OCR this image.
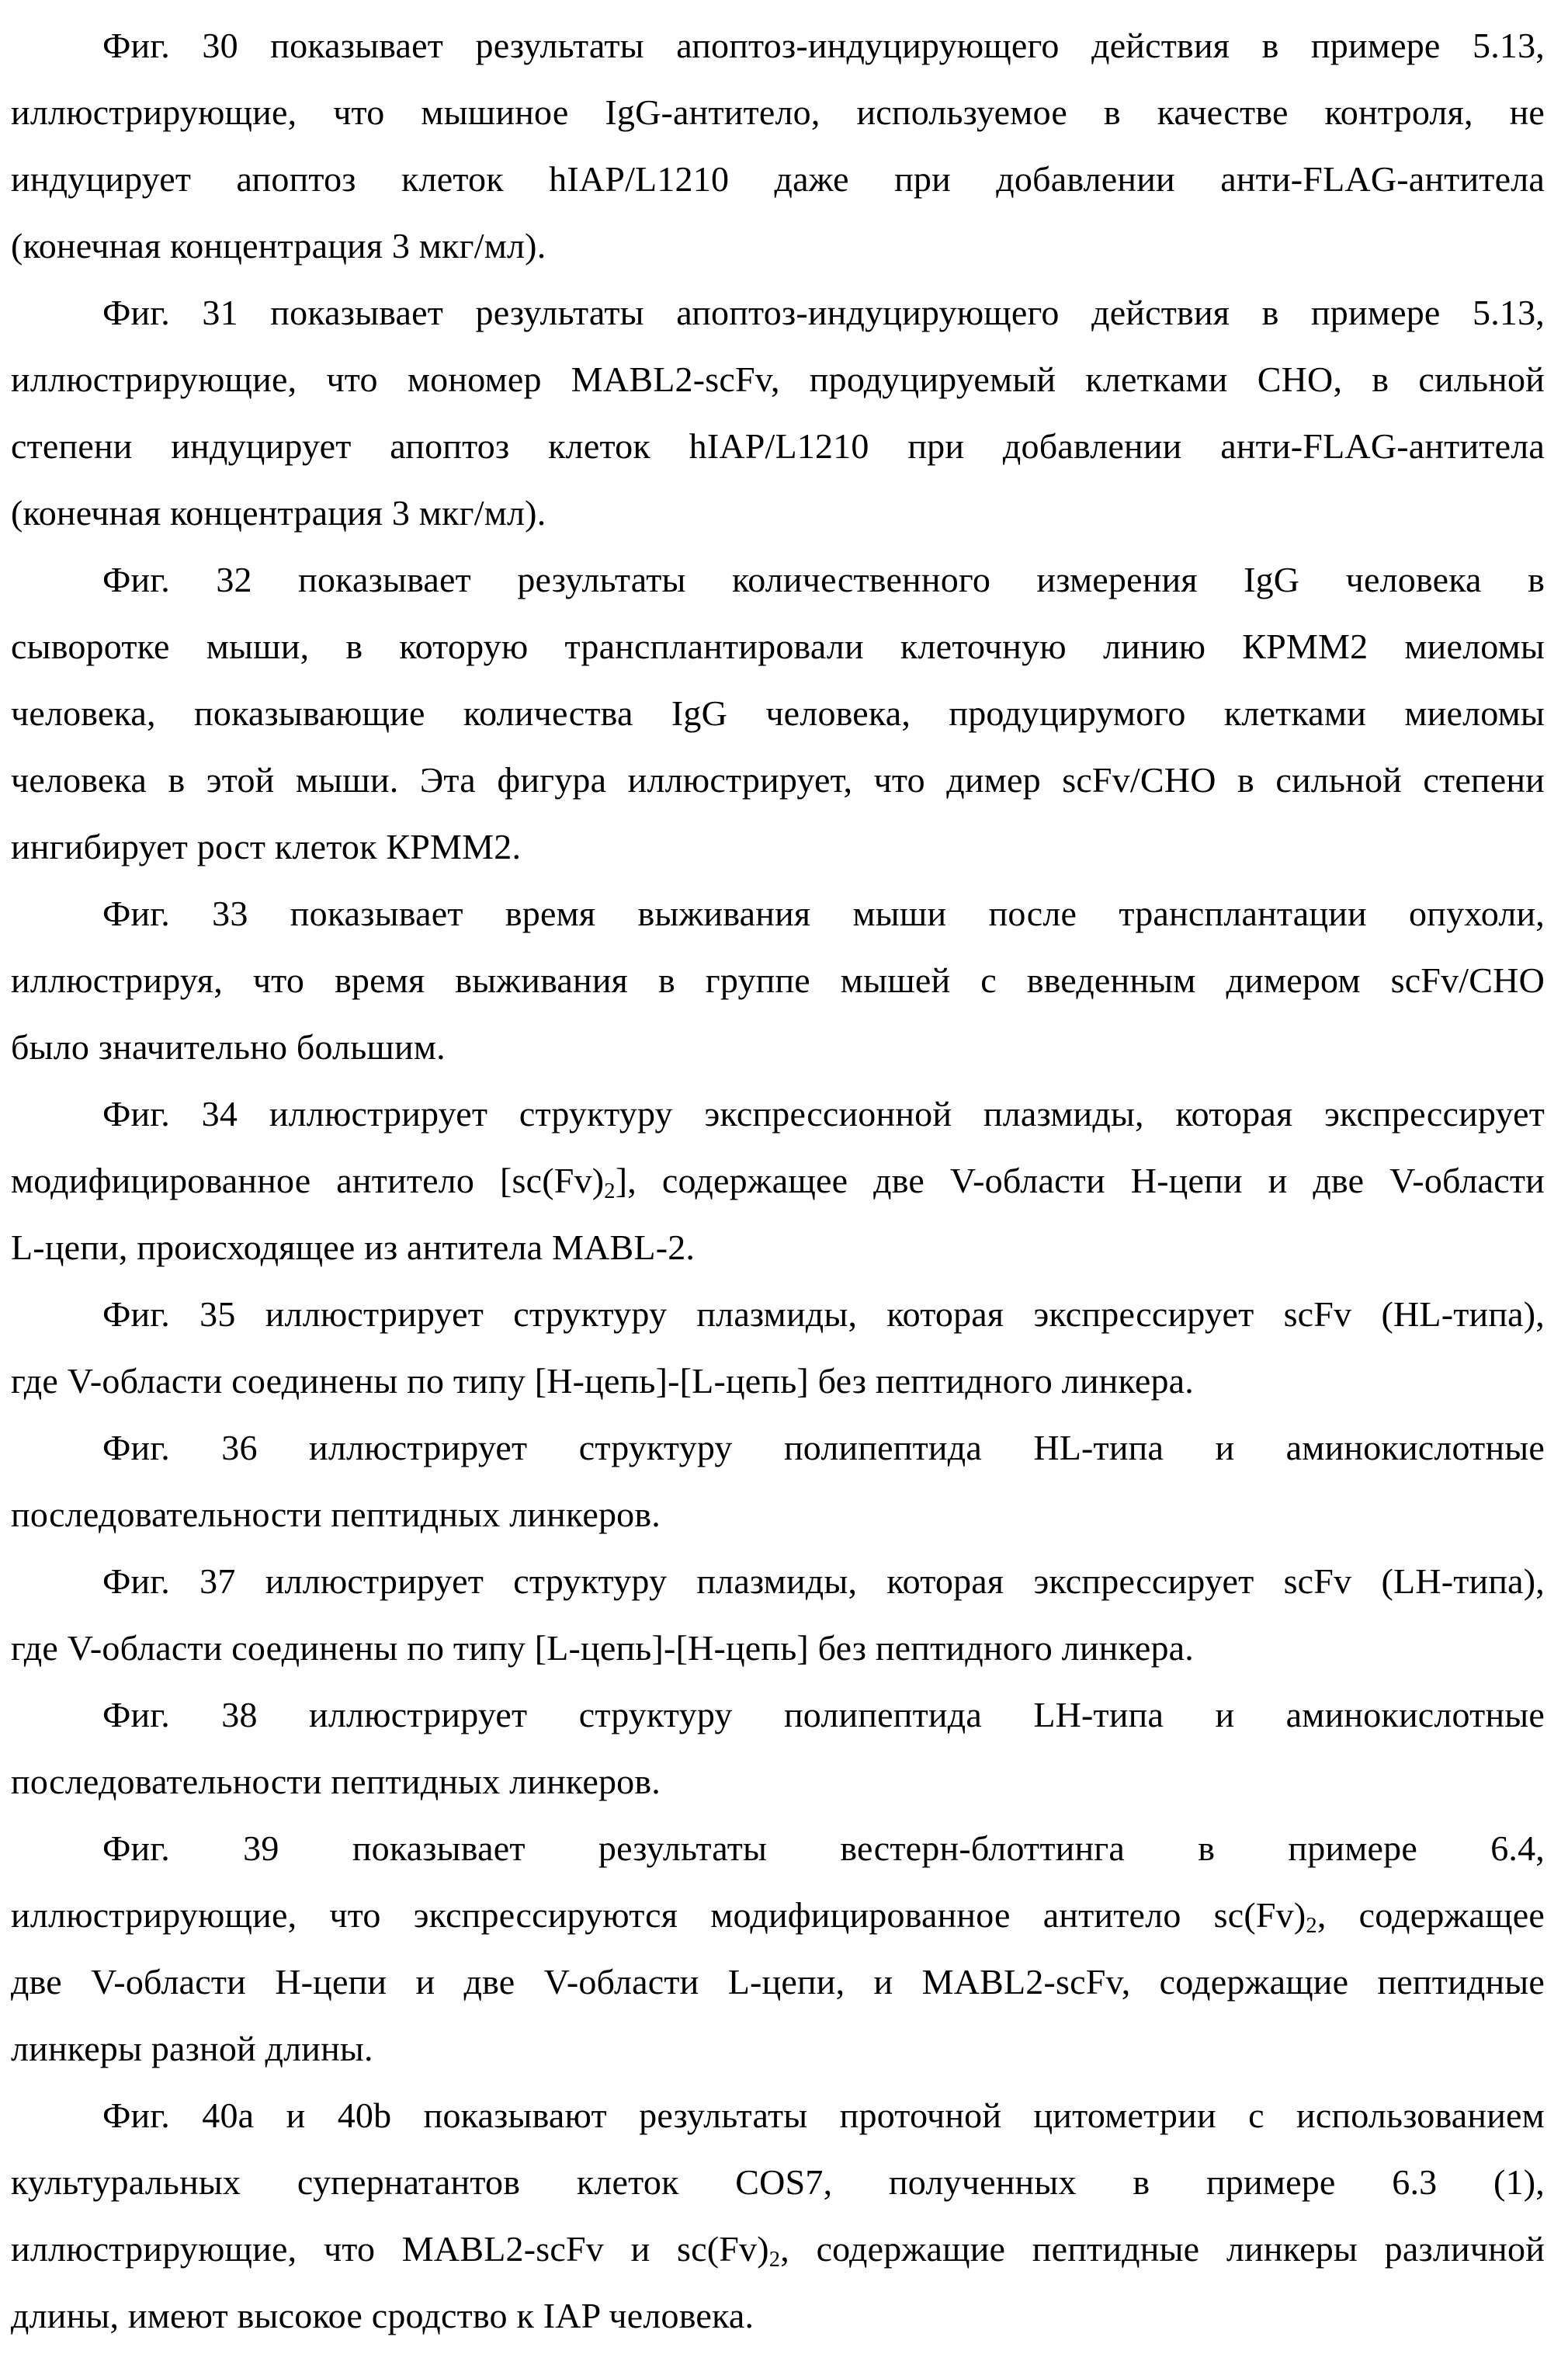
Фиг. 30 показывает результаты апоптоз-индуцирующего действия в примере 5.13,
иллюстрирующие, что мышиное IgG-антитело, используемое в качестве контроля, не
индуцирует апоптоз клеток hIAP/L1210 даже при добавлении анти-FLAG-антитела
(конечная концентрация 3 мкг/мл).
Фиг. 31 показывает результаты апоптоз-индуцирующего действия в примере 5.13,
иллюстрирующие, что мономер MABL2-scFv, продуцируемый клетками CHO, в сильной
степени индуцирует апоптоз клеток hIAP/L1210 при добавлении анти-FLAG-антитела
(конечная концентрация 3 мкг/мл).
Фиг. 32 показывает результаты количественного измерения IgG человека в
сыворотке мыши, в которую трансплантировали клеточную линию КРММ2 миеломы
человека, показывающие количества IgG человека, продуцирумого клетками миеломы
человека в этой мыши. Эта фигура иллюстрирует, что димер scFv/CHO в сильной степени
ингибирует рост клеток КРММ2.
Фиг. 33 показывает время выживания мыши после трансплантации опухоли,
иллюстрируя, что время выживания в группе мышей с введенным димером scFv/CHO
было значительно большим.
Фиг. 34 иллюстрирует структуру экспрессионной плазмиды, которая экспрессирует
модифицированное антитело $[sc(Fv)_2]$, содержащее две V-области H-цепи и две V-области
L-цепи, происходящее из антитела MABL-2.
Фиг. 35 иллюстрирует структуру плазмиды, которая экспрессирует scFv (HL-типа),
где V-области соединены по типу [H-цепь]-[L-цепь] без пептидного линкера.
Фиг. 36 иллюстрирует структуру полипептида HL-типа и аминокислотные
последовательности пептидных линкеров.
Фиг. 37 иллюстрирует структуру плазмиды, которая экспрессирует scFv (LH-типа),
где V-области соединены по типу [L-цепь]-[H-цепь] без пептидного линкера.
Фиг. 38 иллюстрирует структуру полипептида LH-типа и аминокислотные
последовательности пептидных линкеров.
Фиг. 39 показывает результаты вестерн-блоттинга в примере 6.4,
иллюстрирующие, что экспрессируются модифицированное антитело $sc(Fv)_2$, содержащее
две V-области H-цепи и две V-области L-цепи, и MABL2-scFv, содержащие пептидные
линкеры разной длины.
Фиг. 40a и 40b показывают результаты проточной цитометрии с использованием
культуральных супернатантов клеток COS7, полученных в примере 6.3 (1),
иллюстрирующие, что MABL2-scFv и $sc(Fv)_2$, содержащие пептидные линкеры различной
длины, имеют высокое сродство к IAP человека.
